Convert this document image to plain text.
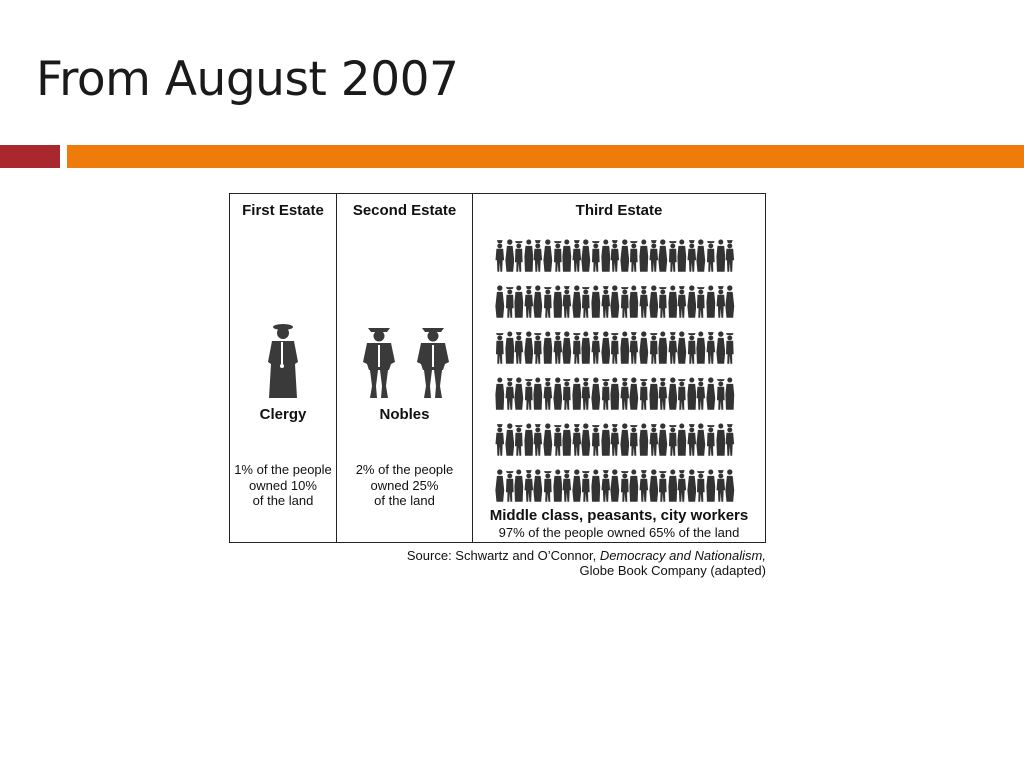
From August 2007
First Estate
Clergy
1% of the people
owned 10%
of the land
Second Estate
Nobles
2% of the people
owned 25%
of the land
Third Estate
Middle class, peasants, city workers
97% of the people owned 65% of the land
Source: Schwartz and O’Connor, Democracy and Nationalism,
Globe Book Company (adapted)
